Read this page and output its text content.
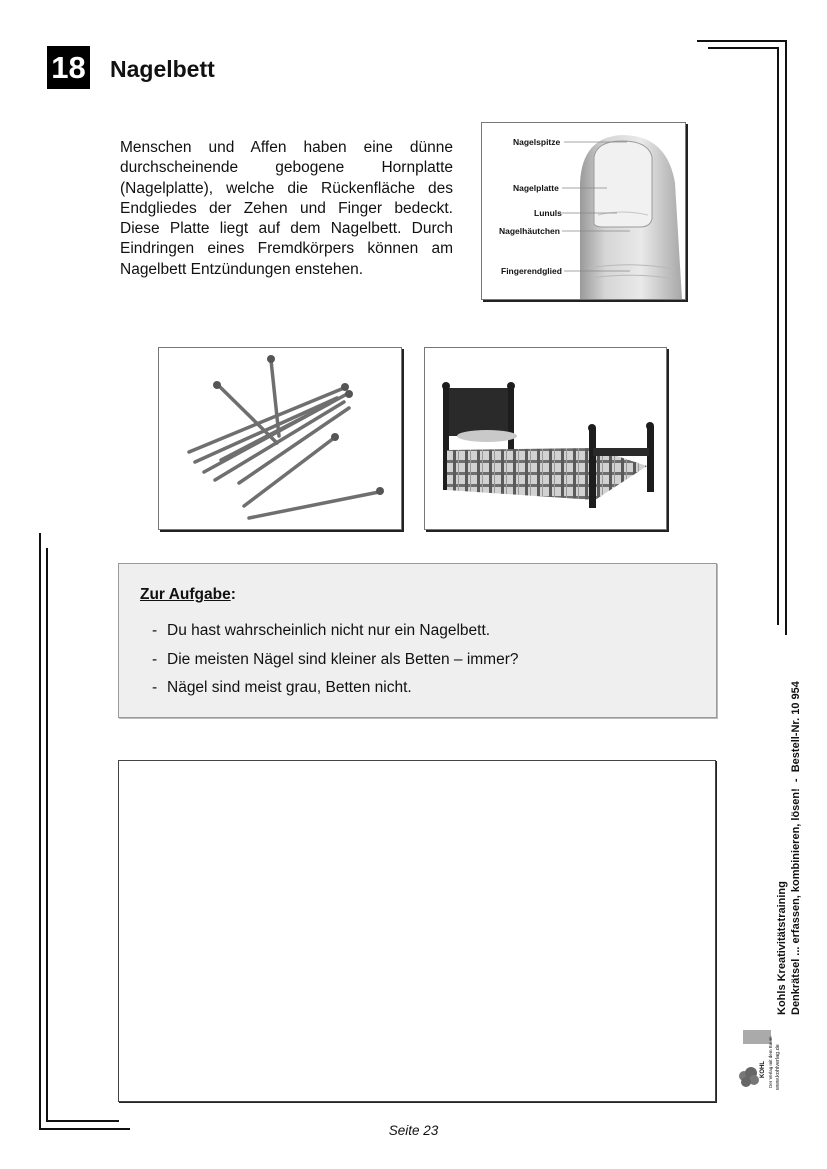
18 Nagelbett
Menschen und Affen haben eine dünne durchscheinende gebogene Hornplatte (Nagelplatte), welche die Rückenfläche des Endgliedes der Zehen und Finger bedeckt. Diese Platte liegt auf dem Nagelbett. Durch Eindringen eines Fremdkörpers können am Nagelbett Entzündungen enstehen.
Nagelspitze
Nagelplatte
Lunuls
Nagelhäutchen
Fingerendglied
Zur Aufgabe:
- Du hast wahrscheinlich nicht nur ein Nagelbett.
- Die meisten Nägel sind kleiner als Betten – immer?
- Nägel sind meist grau, Betten nicht.
Seite 23
Kohls Kreativitätstraining Denkrätsel ... erfassen, kombinieren, lösen!  -  Bestell-Nr. 10 954
KOHL Der Verlag mit dem Baum www.kohlverlag.de
